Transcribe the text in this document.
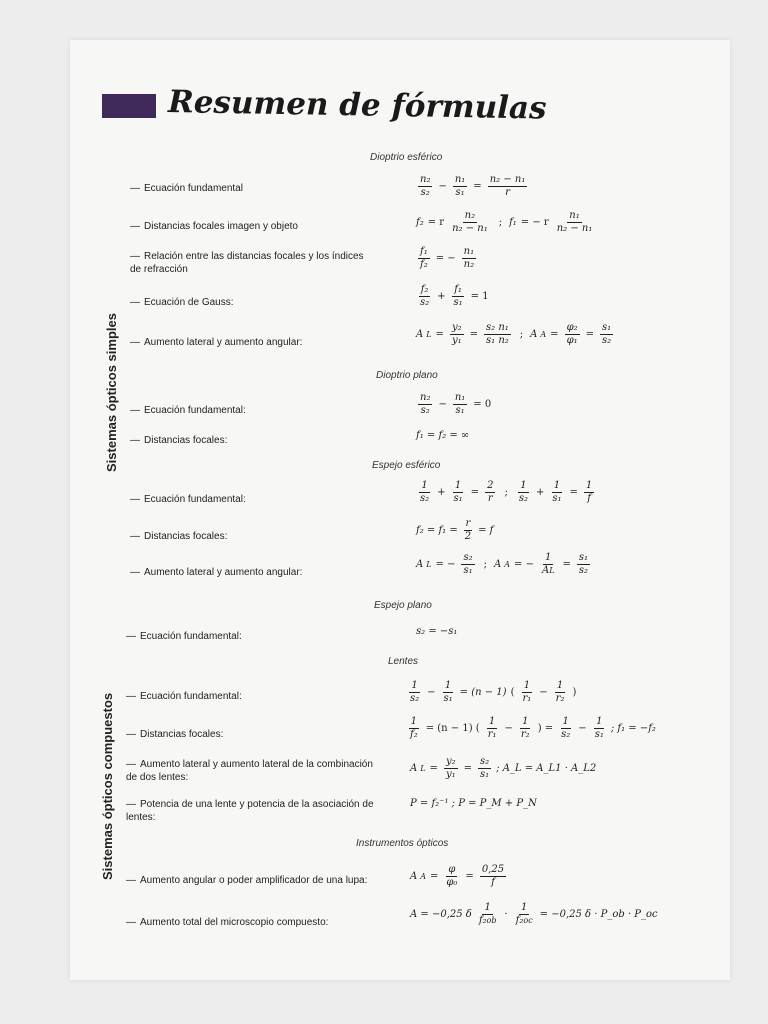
Resumen de fórmulas
Sistemas ópticos simples
Sistemas ópticos compuestos
Dioptrio esférico
— Ecuación fundamental	$\frac{\text{n₂}}{\text{s₂}} - \frac{\text{n₁}}{\text{s₁}} = \frac{\text{n₂ − n₁}}{r}$
— Distancias focales imagen y objeto	f₂ = r $\frac{\text{n₂}}{\text{n₂ − n₁}}$ ; f₁ = − r $\frac{\text{n₁}}{\text{n₂ − n₁}}$
— Relación entre las distancias focales y los índices de refracción	$\frac{\text{f₁}}{\text{f₂}}$ = − $\frac{\text{n₁}}{\text{n₂}}$
— Ecuación de Gauss:	$\frac{\text{f₂}}{\text{s₂}} + \frac{\text{f₁}}{\text{s₁}} = 1$
— Aumento lateral y aumento angular:
A $L = \frac{\text{y₂}}{\text{y₁}} = \frac{\text{s₂ n₁}}{\text{s₁ n₂}}$ ; A $A = \frac{\text{φ₂}}{\text{φ₁}} = \frac{\text{s₁}}{\text{s₂}}$
Dioptrio plano
— Ecuación fundamental:	$\frac{\text{n₂}}{\text{s₂}} - \frac{\text{n₁}}{\text{s₁}} = 0$
— Distancias focales:	f₁ = f₂ = ∞
Espejo esférico
— Ecuación fundamental:	$\frac{1}{\text{s₂}} + \frac{1}{\text{s₁}} = \frac{2}{r}$ ; $\frac{1}{\text{s₂}} + \frac{1}{\text{s₁}} = \frac{1}{f}$
— Distancias focales:
$f_2 = f_1 = \frac{r}{2} = f$
— Aumento lateral y aumento angular:
A L = − $\frac{\text{s₂}}{\text{s₁}}$ ; A A = − $\frac{1}{AL} = \frac{\text{s₁}}{\text{s₂}}$
Espejo plano
— Ecuación fundamental:	s₂ = −s₁
Lentes
— Ecuación fundamental:	$\frac{1}{\text{s₂}} - \frac{1}{\text{s₁}} = (n - 1)$ ( $\frac{1}{\text{r₁}} - \frac{1}{\text{r₂}}$ )
— Distancias focales:	$\frac{1}{\text{f₂}} = (n - 1)$ ( $\frac{1}{\text{r₁}} - \frac{1}{\text{r₂}}$ ) = $\frac{1}{\text{s₂}} - \frac{1}{\text{s₁}}$ ; f₁ = −f₂
— Aumento lateral y aumento lateral de la combinación de dos lentes:
A $L = \frac{\text{y₂}}{\text{y₁}} = \frac{\text{s₂}}{\text{s₁}}$ ; A_L = A_L1 · A_L2
— Potencia de una lente y potencia de la asociación de lentes:
P = f₂⁻¹ ; P = P_M + P_N
Instrumentos ópticos
— Aumento angular o poder amplificador de una lupa:	A $A = \frac{\varphi}{\text{φ₀}} = \frac{0,25}{f}$
— Aumento total del microscopio compuesto:
A = −0,25 δ $\frac{1}{\text{f₂ob}} \cdot \frac{1}{\text{f₂oc}} = -0,25$ δ · P_ob · P_oc
